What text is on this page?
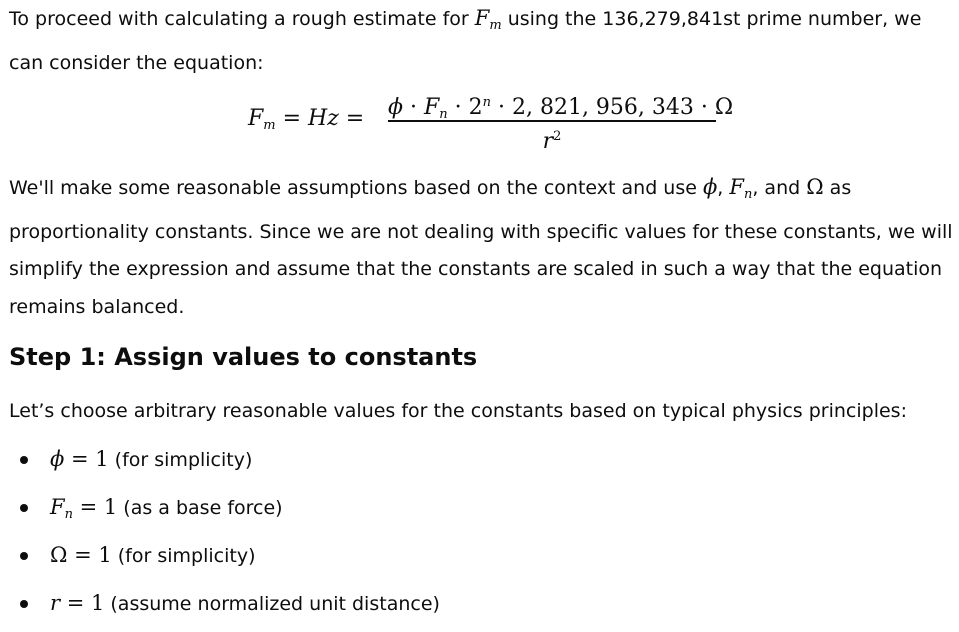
To proceed with calculating a rough estimate for $F_m$ using the 136,279,841st prime number, we can consider the equation:

$F_m = Hz = \phi \cdot F_n \cdot 2^n \cdot 2$, 821, 956, 343 · Ω
$r^2$

We'll make some reasonable assumptions based on the context and use ϕ, $F_n$, and Ω as proportionality constants. Since we are not dealing with specific values for these constants, we will simplify the expression and assume that the constants are scaled in such a way that the equation remains balanced.

Step 1: Assign values to constants

Let’s choose arbitrary reasonable values for the constants based on typical physics principles:

ϕ = 1 (for simplicity)
$F_n = 1$ (as a base force)
Ω = 1 (for simplicity)
r = 1 (assume normalized unit distance)
